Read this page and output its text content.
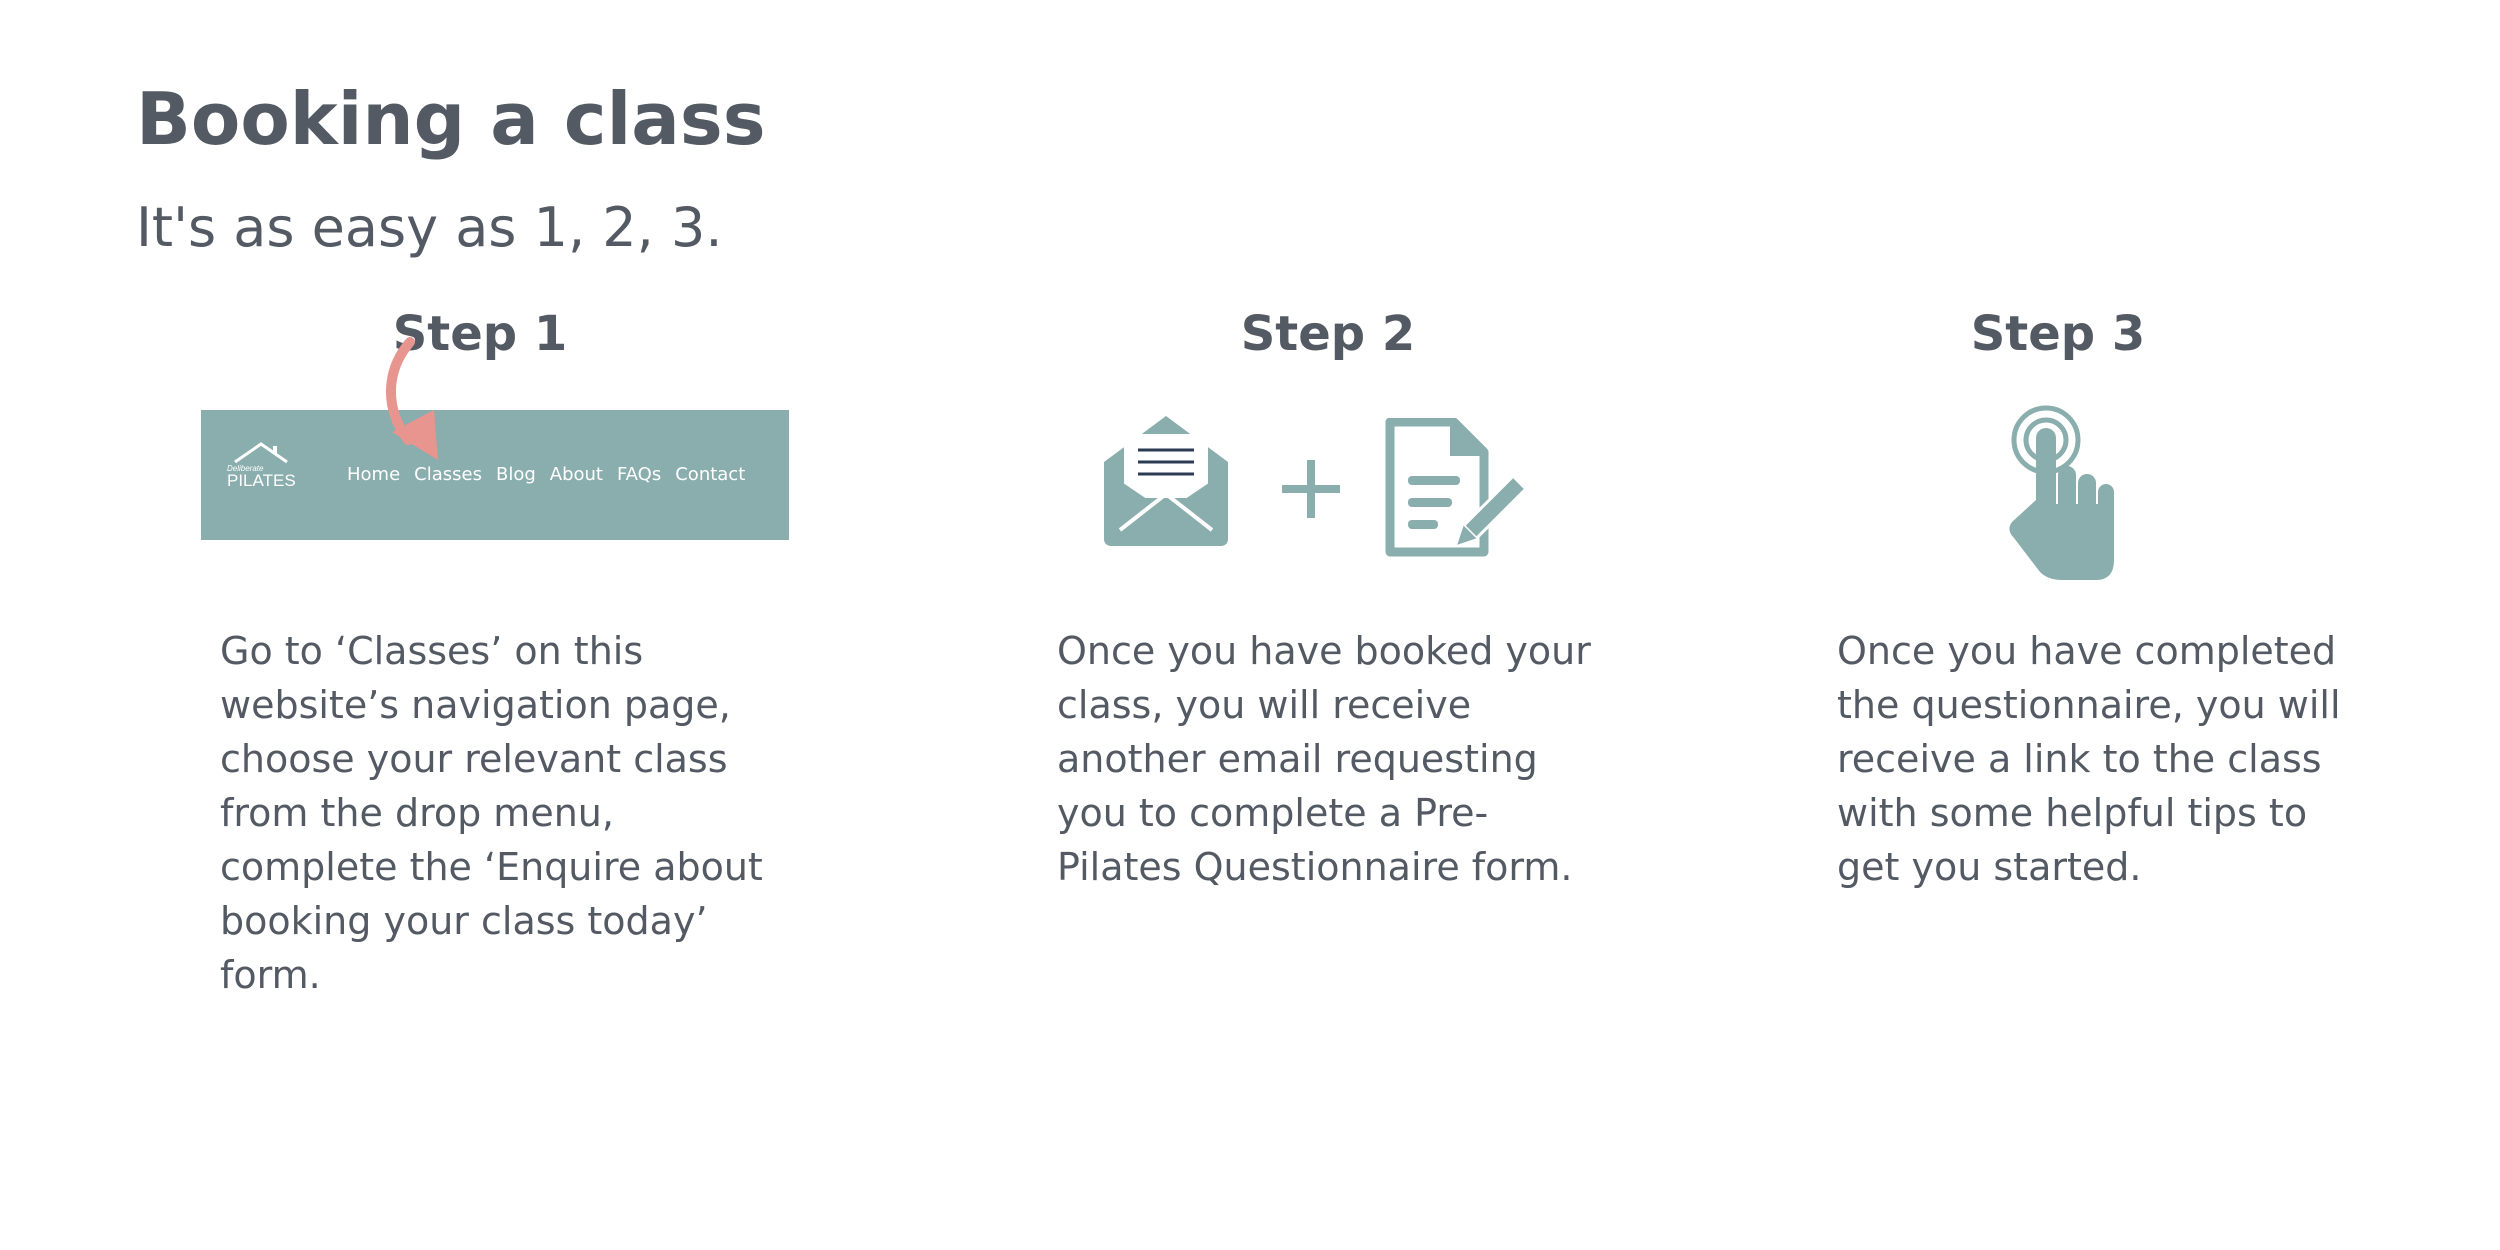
Booking a class

It's as easy as 1, 2, 3.

Step 1
Deliberate
PILATES	Home Classes Blog About FAQs Contact
Go to ‘Classes’ on this
website’s navigation page,
choose your relevant class
from the drop menu,
complete the ‘Enquire about
booking your class today’
form.
Step 2
Once you have booked your
class, you will receive
another email requesting
you to complete a Pre-
Pilates Questionnaire form.
Step 3
Once you have completed
the questionnaire, you will
receive a link to the class
with some helpful tips to
get you started.
